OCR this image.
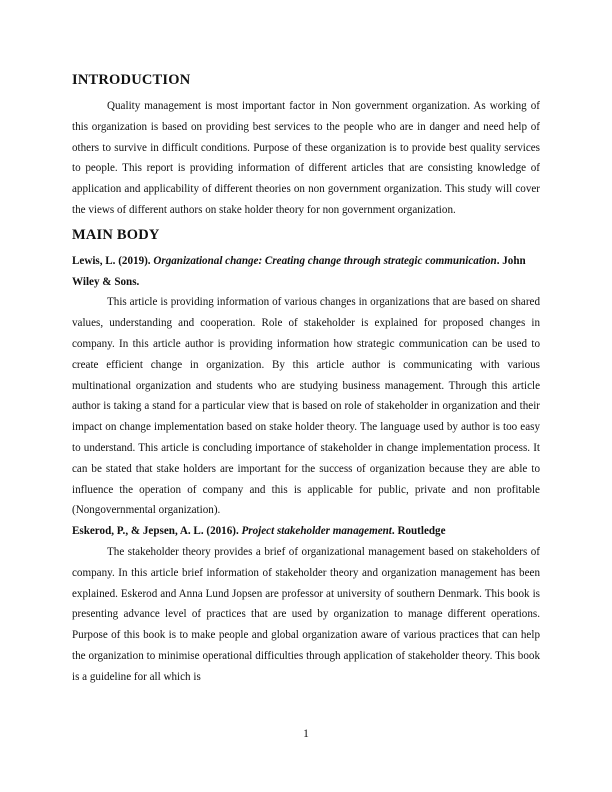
INTRODUCTION

Quality management is most important factor in Non government organization. As working of this organization is based on providing best services to the people who are in danger and need help of others to survive in difficult conditions. Purpose of these organization is to provide best quality services to people. This report is providing information of different articles that are consisting knowledge of application and applicability of different theories on non government organization. This study will cover the views of different authors on stake holder theory for non government organization.

MAIN BODY
Lewis, L. (2019). Organizational change: Creating change through strategic communication. John Wiley & Sons.

This article is providing information of various changes in organizations that are based on shared values, understanding and cooperation. Role of stakeholder is explained for proposed changes in company. In this article author is providing information how strategic communication can be used to create efficient change in organization. By this article author is communicating with various multinational organization and students who are studying business management. Through this article author is taking a stand for a particular view that is based on role of stakeholder in organization and their impact on change implementation based on stake holder theory. The language used by author is too easy to understand. This article is concluding importance of stakeholder in change implementation process. It can be stated that stake holders are important for the success of organization because they are able to influence the operation of company and this is applicable for public, private and non profitable (Nongovernmental organization).

Eskerod, P., & Jepsen, A. L. (2016). Project stakeholder management. Routledge

The stakeholder theory provides a brief of organizational management based on stakeholders of company. In this article brief information of stakeholder theory and organization management has been explained. Eskerod and Anna Lund Jopsen are professor at university of southern Denmark. This book is presenting advance level of practices that are used by organization to manage different operations. Purpose of this book is to make people and global organization aware of various practices that can help the organization to minimise operational difficulties through application of stakeholder theory. This book is a guideline for all which is

1
